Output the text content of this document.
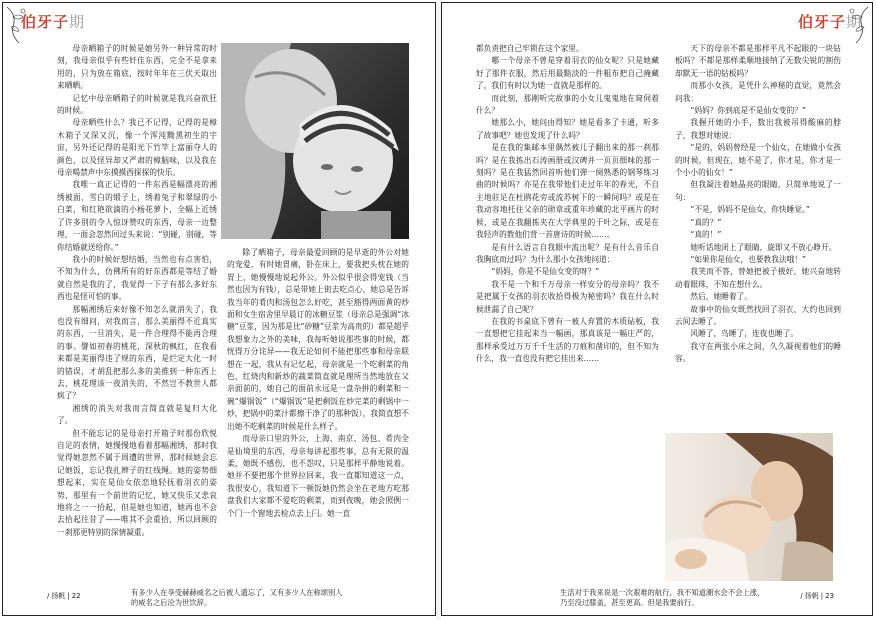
伯牙子期

母亲晒箱子的时候是她另外一种异常的时刻，我母亲似乎有些奸佳东西，完全不是拿来用的，只为放在箱底，按时年年在三伏天取出来晒晒。

记忆中母亲晒箱子的时候就是我兴奋欲狂的时候。

母亲晒些什么？我已不记得，记得的是樟木箱子又深又沉，像一个浑沌黝黑初生的宇宙，另外还记得的是阳光下竹竿上富丽夺人的颜色，以及怪异却又严肃的樟脑味，以及我在母亲喝禁声中东摸摸西探探的快乐。

我唯一真正记得的一件东西是幅漂亮的湘绣被面，雪白的缎子上，绣着兔子和翠绿的小白菜，和红艳欲滴的小杨花萝卜，全幅上近绣了许多别的令人惊讶赞叹的东西，母亲一边整理，一面会忽然回过头来说：“别碰，别碰，等你结婚就送给你。”

我小的时候好想结婚，当然也有点害怕，不知为什么，仿佛所有的好东西都是等结了婚就自然是我的了，我觉得一下子有那么多好东西也是怪可怕的事。

那幅湘绣后来好像不知怎么就消失了，我也没有细问，对我而言，那么美丽得不近真实的东西，一旦消失，是一件合理得不能再合理的事。譬如初春的桃花，深秋的枫红，在我看来都是美丽得违了规的东西，是烂定大化一时的错误，才胡乱把那么多的美推到一种东西上去，桃花理该一夜消失的，不然岂不教世人都疯了？

湘绣的消失对我而言简直就是复归大化了。

但不能忘记的是母亲打开箱子时那份欣悦自足的表情，她慢慢地看着那幅湘绣，那时我觉得她忽然不属于周遭的世界，那时候她会忘记她饭，忘记我扎辫子的红线绳。她的姿势细想起来，实在是仙女依恋地轻抚着羽衣的姿势，那里有一个前世的记忆，她又快乐又悲哀地将之一一拾起，但是她也知道，她再也不会去拾起往昔了——唯其不会重拾，所以回顾的一刹那更特别的深情凝重。

除了晒箱子，母亲最爱回顾的是早逝的外公对她的宠爱，有时她胃痛，卧在床上，要我把头枕在她的胃上，她慢慢地说起外公。外公似乎很会得宠钱（当然也因为有钱），总是带她上街去吃点心，她总是告诉我当年的肴肉和汤包怎么好吃，甚至豁得两面黄的炒面和女生宿舍里早晨订的冰糖豆浆（母亲总是强调“冰糖”豆浆，因为那是比“砂糖”豆浆为高贵的）都是超乎我想象力之外的美味，我每听她说那些事的时候，都恍得万分诧异——我无论如何不能把那些事和母亲联想在一起，我从有记忆起，母亲就是一个吃剩菜的角色，红烧肉和新炒的蔬菜简直就是理所当然地放在父亲面前的，她自己的面前永远是一盘杂拼的剩菜和一碗“爆锅饭”（“爆锅饭”是把剩饭在炒完菜的剩锅中一炒，把锅中的菜汁都擦干净了的那种饭），我简直想不出她不吃剩菜的时候是什么样子。

而母亲口里的外公，上海、南京、汤包、肴肉全是仙境里的东西，母亲每讲起那些事，总有无限的温柔，她既不感伤，也不怨叹，只是那样平静地说着。她并不要把那个世界拉回来，我一直都知道这一点，我很安心，我知道下一顿饭她仍然会坐在老地方吃那盘我们大家都不爱吃的剩菜，而到夜晚，她会照例一个门一个窗地去检点去上闩。她一直

/ 扬帆 | 22	有多少人在享受赫赫威名之后被人遗忘了，又有多少人在称颂别人的威名之后沦为世饮辞。
伯牙子期

都负责把自己牢锁在这个家里。

哪一个母亲不曾是穿着羽衣的仙女呢？只是她藏好了那件衣服，然后用最黯淡的一件粗布把自己掩藏了，我们有时以为她一直就是那样的。

而此刻，那刚听完故事的小女儿鬼鬼地在窥伺着什么？

她那么小，她问由得知？她是看多了卡通，听多了故事吧？她也发现了什么吗？

是在我的集邮本里偶然被儿子翻出来的那一刹那吗？是在我拣出石涛画册或汉碑并一页页细味的那一刻吗？是在我猛然回首听他们弹一阕熟悉的钢琴练习曲的时候吗？亦是在我带他们走过年年的春光，不自主地驻足在杜鹃花旁或流苏树下的一瞬间吗？或是在我动容地托住父亲的勋章或重年珍藏的北平画片的时候，或是在我翻拣夹在大学典里的干叶之际，或是在我轻声的教他们背一首唐诗的时候……。

是有什么语言自我眼中流出呢？是有什么音乐自我胸底而过吗？为什么那小女孩地问道：

“妈妈，你是不是仙女变的呀？”

我不是一个和千万母亲一样安分的母亲吗？我不是把属于女孩的羽衣收拾得极为秘密吗？我在什么时候泄漏了自己呢？

在我的书桌底下曾有一被人弃置的木质砧板，我一直想把它挂起来当一幅画，那真该是一幅庄严的，那样承受过万万千千生活的刀痕和凿印的，但不知为什么，我一直也没有把它挂出来……

天下的母亲不都是那样平凡不起眼的一块钻板吗？不都是那样柔顺地接纳了无数尖锐的割伤却默无一语的钻板吗？

而那小女孩，是凭什么神秘的直觉，竟然会问我：

“妈妈？你到底是不是仙女变的？”

我握开她的小手，数出我被吊得酸麻的脖子，我想对她说：

“是的，妈妈曾经是一个仙女，在她做小女孩的时候，但现在，她不是了，你才是，你才是一个小小的仙女！”

但我凝注着她晶亮的眼睛，只简单地说了一句：

“不是，妈妈不是仙女，你快睡觉。”

“真的？”

“真的！”

她听话地闭上了眼睛，旋即又不放心睁开。

“如果你是仙女，也要教我法哦！”

我笑而不答，替她把被子掖好，她兴奋地转动着眼珠，不知在想什么。

然后，她睡着了。

故事中的仙女既然找回了羽衣，大约也回到云间去睡了。

风睡了，鸟睡了，连夜也睡了。

我守在两张小床之间，久久凝视着他们的睡容。

生活对于我来说是一次艰难的航行，我不知道潮水会不会上涨，乃至没过膝盖，甚至更高。但是我要前行。
/ 扬帆 | 23
